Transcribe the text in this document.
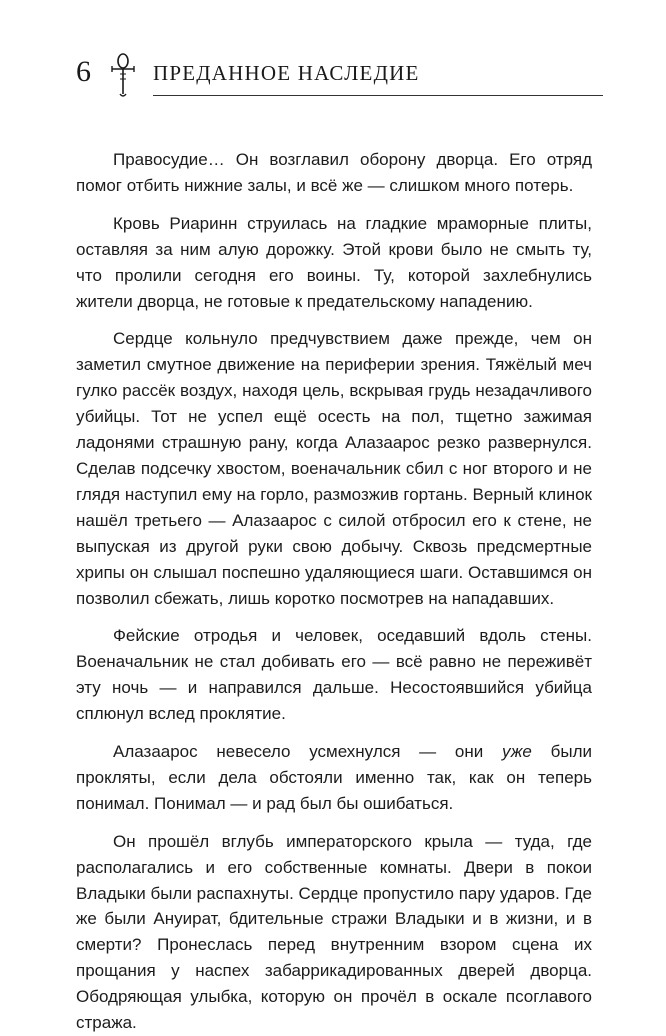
6	ПРЕДАННОЕ НАСЛЕДИЕ

Правосудие… Он возглавил оборону дворца. Его отряд помог отбить нижние залы, и всё же — слишком много потерь.

Кровь Риаринн струилась на гладкие мраморные плиты, оставляя за ним алую дорожку. Этой крови было не смыть ту, что пролили сегодня его воины. Ту, которой захлебнулись жители дворца, не готовые к предательскому нападению.

Сердце кольнуло предчувствием даже прежде, чем он заметил смутное движение на периферии зрения. Тяжёлый меч гулко рассёк воздух, находя цель, вскрывая грудь незадачливого убийцы. Тот не успел ещё осесть на пол, тщетно зажимая ладонями страшную рану, когда Алазаарос резко развернулся. Сделав подсечку хвостом, военачальник сбил с ног второго и не глядя наступил ему на горло, размозжив гортань. Верный клинок нашёл третьего — Алазаарос с силой отбросил его к стене, не выпуская из другой руки свою добычу. Сквозь предсмертные хрипы он слышал поспешно удаляющиеся шаги. Оставшимся он позволил сбежать, лишь коротко посмотрев на нападавших.

Фейские отродья и человек, оседавший вдоль стены. Военачальник не стал добивать его — всё равно не переживёт эту ночь — и направился дальше. Несостоявшийся убийца сплюнул вслед проклятие.

Алазаарос невесело усмехнулся — они уже были прокляты, если дела обстояли именно так, как он теперь понимал. Понимал — и рад был бы ошибаться.

Он прошёл вглубь императорского крыла — туда, где располагались и его собственные комнаты. Двери в покои Владыки были распахнуты. Сердце пропустило пару ударов. Где же были Ануират, бдительные стражи Владыки и в жизни, и в смерти? Пронеслась перед внутренним взором сцена их прощания у наспех забаррикадированных дверей дворца. Ободряющая улыбка, которую он прочёл в оскале псоглавого стража.
